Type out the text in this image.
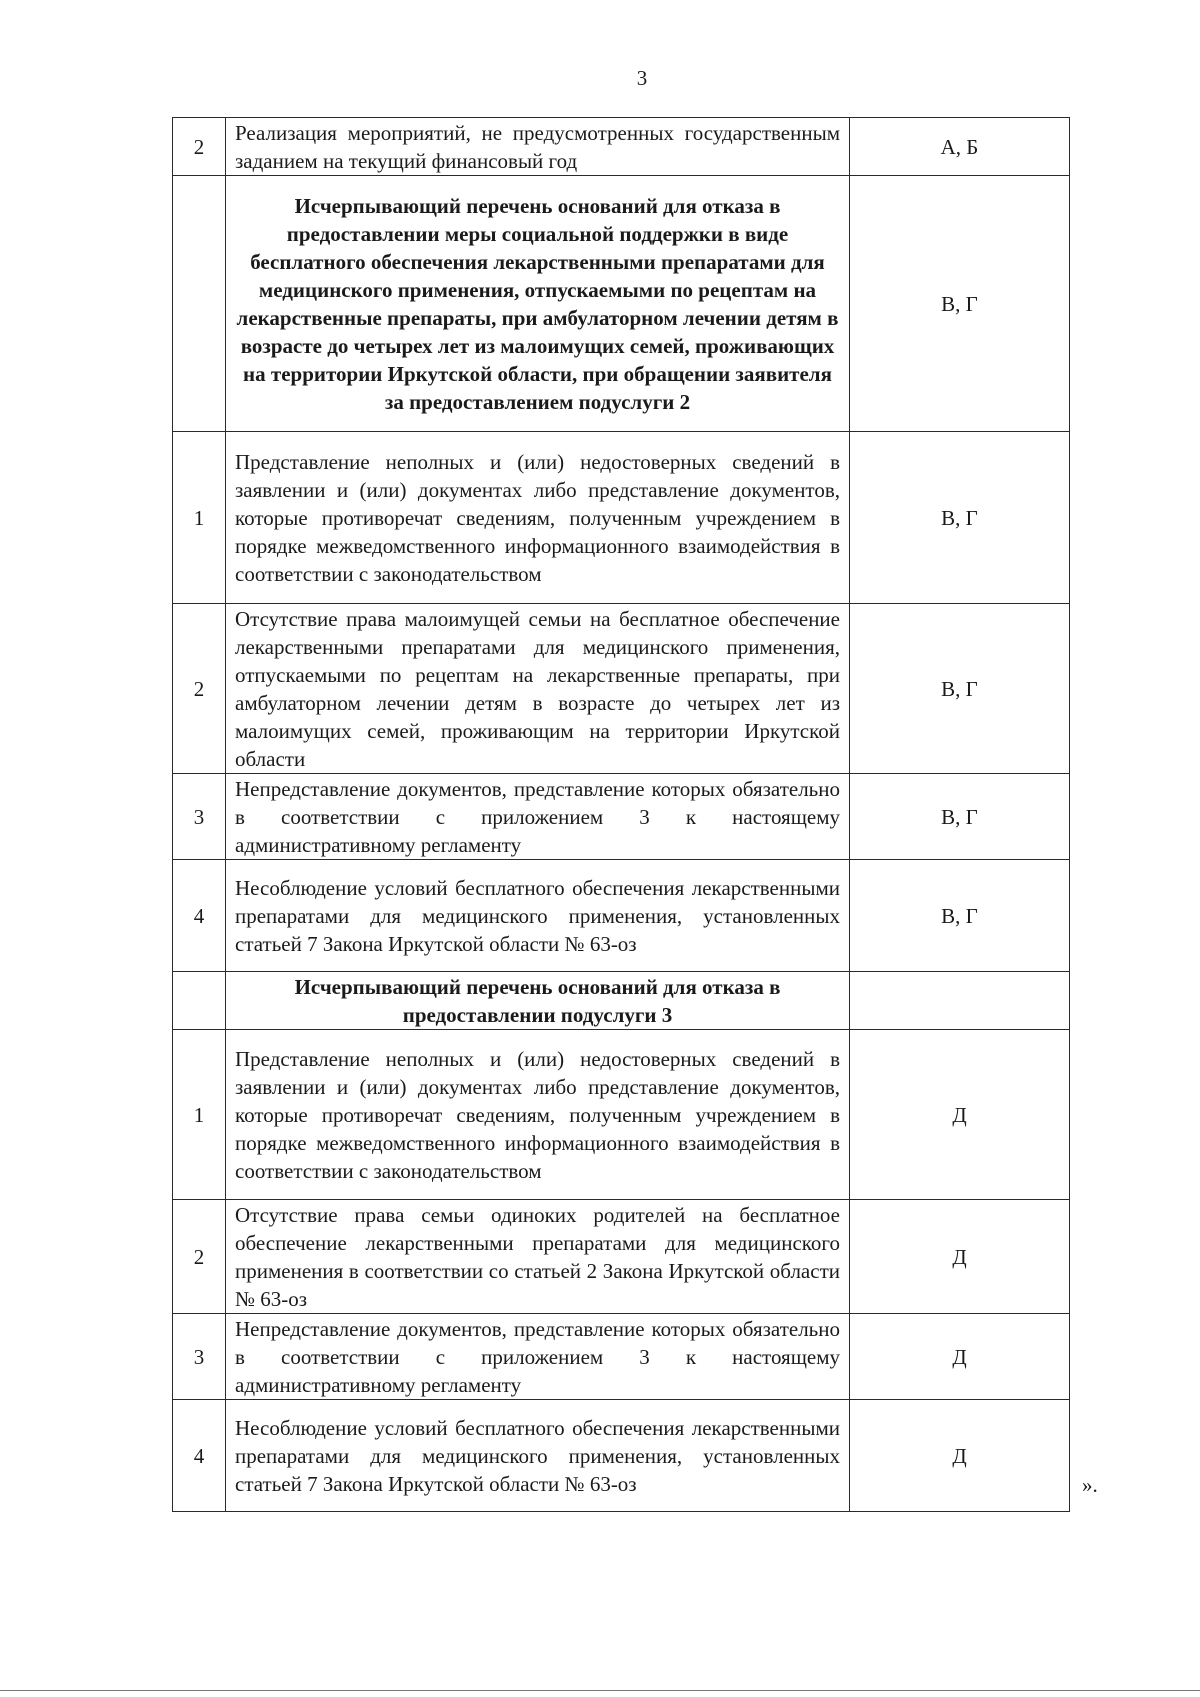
3
2	Реализация мероприятий, не предусмотренных государственным заданием на текущий финансовый год	А, Б
	Исчерпывающий перечень оснований для отказа в предоставлении меры социальной поддержки в виде бесплатного обеспечения лекарственными препаратами для медицинского применения, отпускаемыми по рецептам на лекарственные препараты, при амбулаторном лечении детям в возрасте до четырех лет из малоимущих семей, проживающих на территории Иркутской области, при обращении заявителя за предоставлением подуслуги 2	В, Г
1	Представление неполных и (или) недостоверных сведений в заявлении и (или) документах либо представление документов, которые противоречат сведениям, полученным учреждением в порядке межведомственного информационного взаимодействия в соответствии с законодательством	В, Г
2	Отсутствие права малоимущей семьи на бесплатное обеспечение лекарственными препаратами для медицинского применения, отпускаемыми по рецептам на лекарственные препараты, при амбулаторном лечении детям в возрасте до четырех лет из малоимущих семей, проживающим на территории Иркутской области	В, Г
3	Непредставление документов, представление которых обязательно в соответствии с приложением 3 к настоящему административному регламенту	В, Г
4	Несоблюдение условий бесплатного обеспечения лекарственными препаратами для медицинского применения, установленных статьей 7 Закона Иркутской области № 63-оз	В, Г
	Исчерпывающий перечень оснований для отказа в предоставлении подуслуги 3	
1	Представление неполных и (или) недостоверных сведений в заявлении и (или) документах либо представление документов, которые противоречат сведениям, полученным учреждением в порядке межведомственного информационного взаимодействия в соответствии с законодательством	Д
2	Отсутствие права семьи одиноких родителей на бесплатное обеспечение лекарственными препаратами для медицинского применения в соответствии со статьей 2 Закона Иркутской области № 63-оз	Д
3	Непредставление документов, представление которых обязательно в соответствии с приложением 3 к настоящему административному регламенту	Д
4	Несоблюдение условий бесплатного обеспечения лекарственными препаратами для медицинского применения, установленных статьей 7 Закона Иркутской области № 63-оз	Д
».
